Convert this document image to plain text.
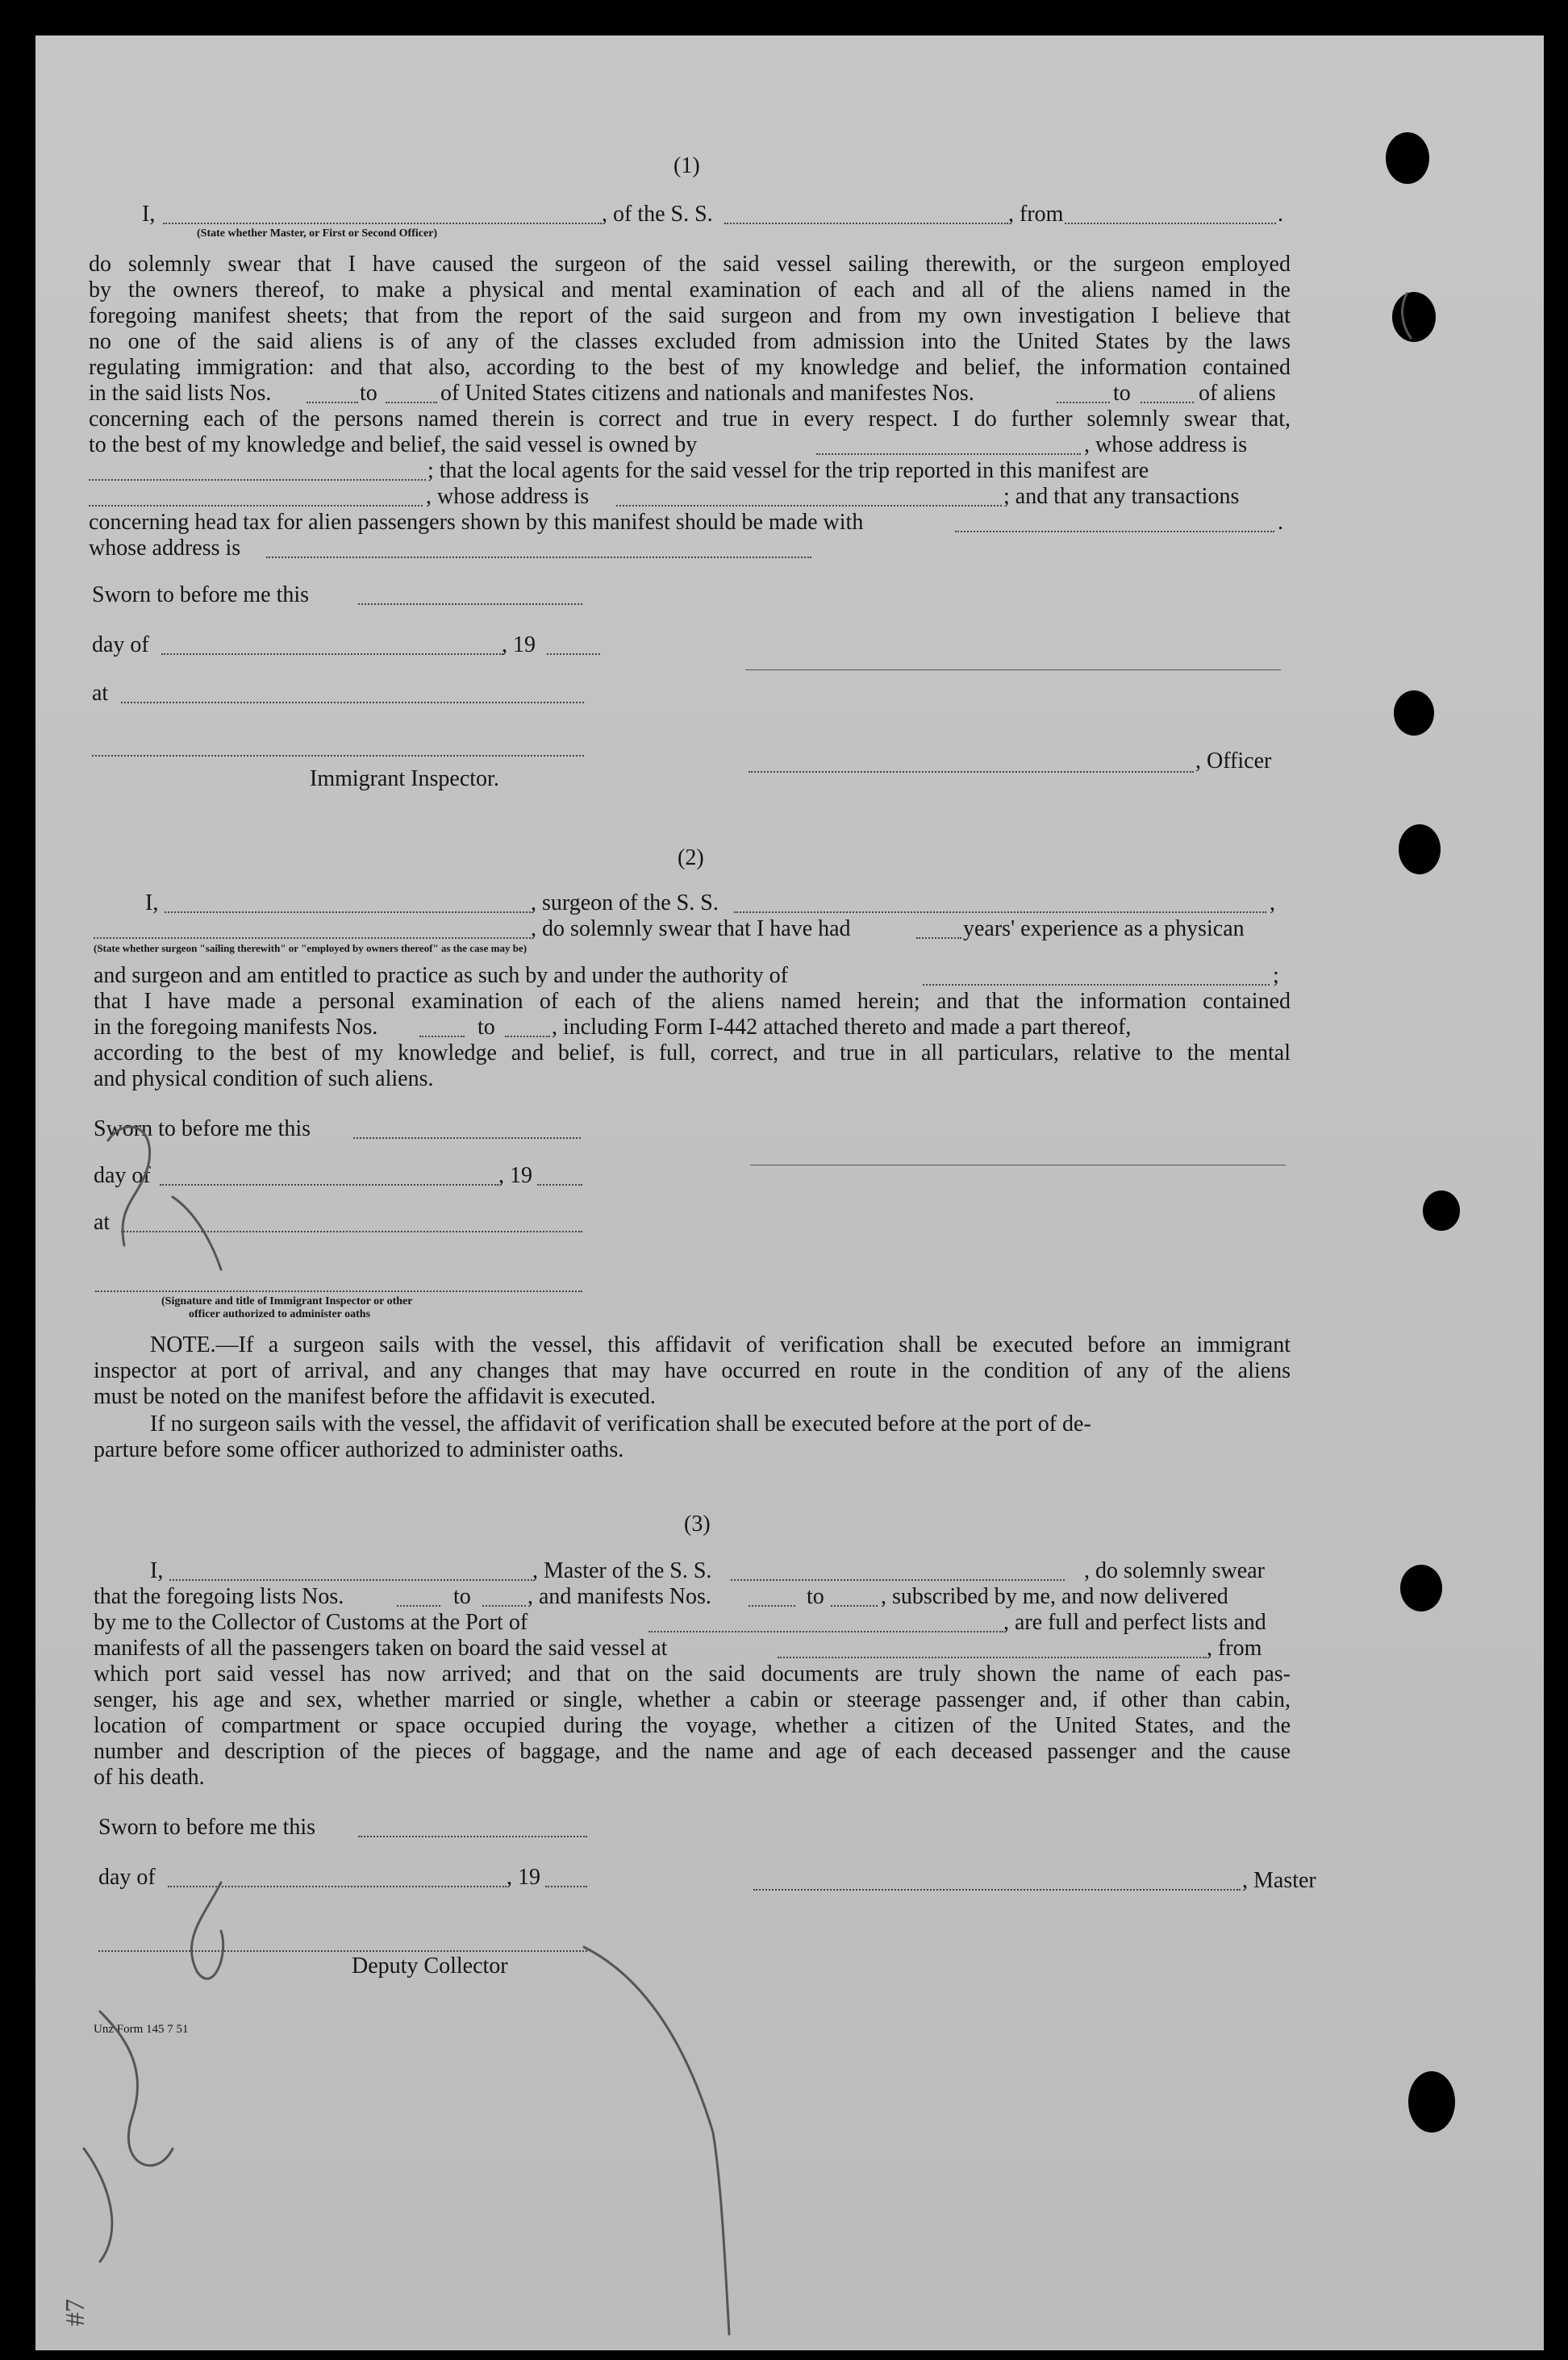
(1)
I,	, of the S. S.	, from	.
(State whether Master, or First or Second Officer)
do solemnly swear that I have caused the surgeon of the said vessel sailing therewith, or the surgeon employed
by the owners thereof, to make a physical and mental examination of each and all of the aliens named in the
foregoing manifest sheets; that from the report of the said surgeon and from my own investigation I believe that
no one of the said aliens is of any of the classes excluded from admission into the United States by the laws
regulating immigration: and that also, according to the best of my knowledge and belief, the information contained
in the said lists Nos.	to	of United States citizens and nationals and manifestes Nos.	to	of aliens
concerning each of the persons named therein is correct and true in every respect. I do further solemnly swear that,
to the best of my knowledge and belief, the said vessel is owned by	, whose address is
; that the local agents for the said vessel for the trip reported in this manifest are
, whose address is	; and that any transactions
concerning head tax for alien passengers shown by this manifest should be made with	.
whose address is
Sworn to before me this
day of	, 19
at
, Officer
Immigrant Inspector.
(2)
I,	, surgeon of the S. S.	,
, do solemnly swear that I have had	years' experience as a physican
(State whether surgeon "sailing therewith" or "employed by owners thereof" as the case may be)
and surgeon and am entitled to practice as such by and under the authority of	;
that I have made a personal examination of each of the aliens named herein; and that the information contained
in the foregoing manifests Nos.	to	, including Form I-442 attached thereto and made a part thereof,
according to the best of my knowledge and belief, is full, correct, and true in all particulars, relative to the mental
and physical condition of such aliens.
Sworn to before me this
day of	, 19
at
(Signature and title of Immigrant Inspector or other
officer authorized to administer oaths
NOTE.—If a surgeon sails with the vessel, this affidavit of verification shall be executed before an immigrant
inspector at port of arrival, and any changes that may have occurred en route in the condition of any of the aliens
must be noted on the manifest before the affidavit is executed.
If no surgeon sails with the vessel, the affidavit of verification shall be executed before at the port of de-
parture before some officer authorized to administer oaths.
(3)
I,	, Master of the S. S.	, do solemnly swear
that the foregoing lists Nos.	to	, and manifests Nos.	to	, subscribed by me, and now delivered
by me to the Collector of Customs at the Port of	, are full and perfect lists and
manifests of all the passengers taken on board the said vessel at	, from
which port said vessel has now arrived; and that on the said documents are truly shown the name of each pas-
senger, his age and sex, whether married or single, whether a cabin or steerage passenger and, if other than cabin,
location of compartment or space occupied during the voyage, whether a citizen of the United States, and the
number and description of the pieces of baggage, and the name and age of each deceased passenger and the cause
of his death.
Sworn to before me this
day of	, 19	, Master
Deputy Collector
Unz Form 145 7 51
#7
